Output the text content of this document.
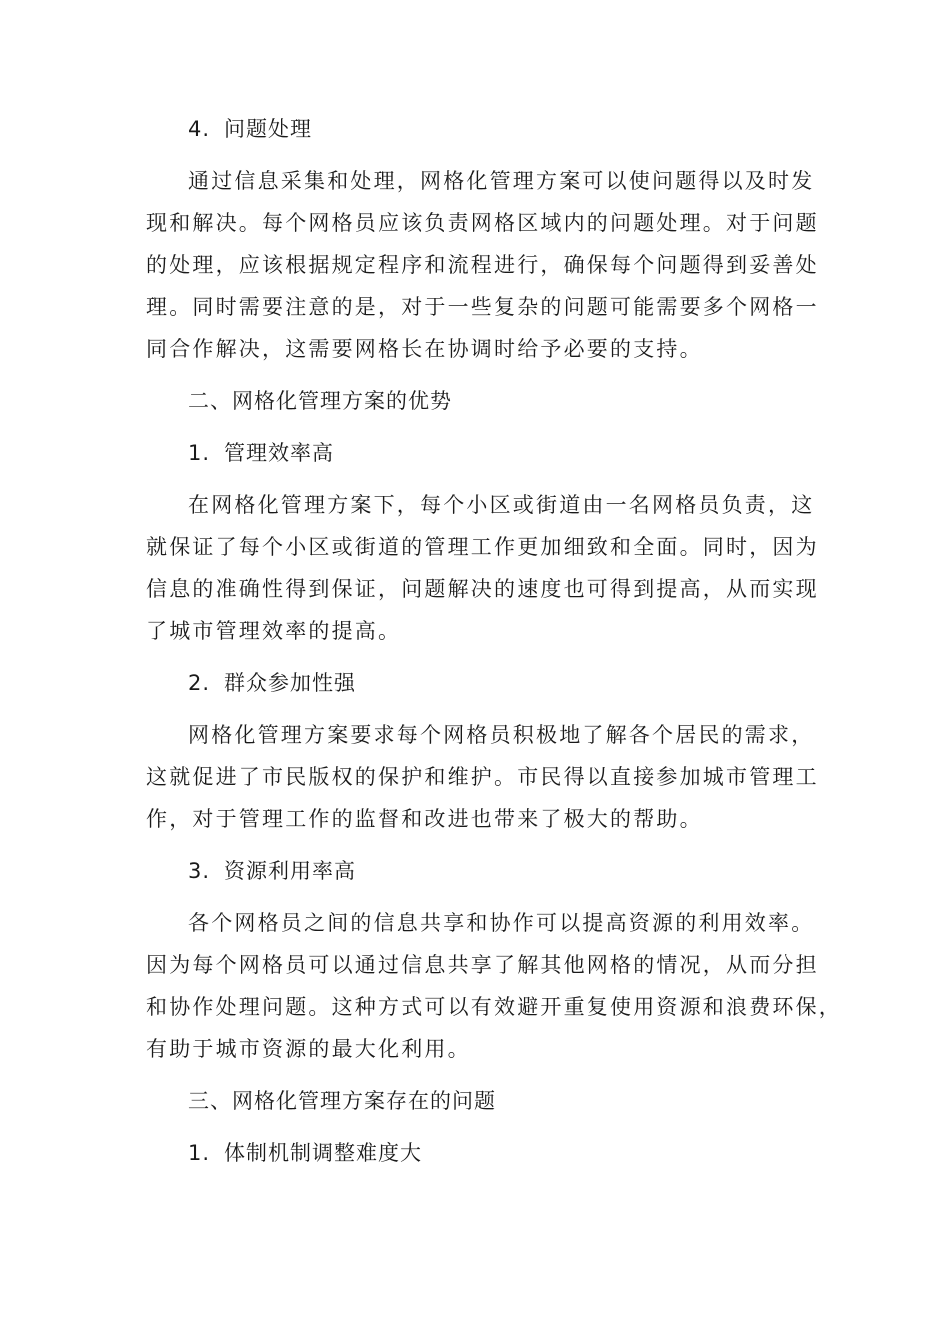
4. 问题处理
通过信息采集和处理，网格化管理方案可以使问题得以及时发
现和解决。每个网格员应该负责网格区域内的问题处理。对于问题
的处理，应该根据规定程序和流程进行，确保每个问题得到妥善处
理。同时需要注意的是，对于一些复杂的问题可能需要多个网格一
同合作解决，这需要网格长在协调时给予必要的支持。
二、网格化管理方案的优势
1. 管理效率高
在网格化管理方案下，每个小区或街道由一名网格员负责，这
就保证了每个小区或街道的管理工作更加细致和全面。同时，因为
信息的准确性得到保证，问题解决的速度也可得到提高，从而实现
了城市管理效率的提高。
2. 群众参加性强
网格化管理方案要求每个网格员积极地了解各个居民的需求，
这就促进了市民版权的保护和维护。市民得以直接参加城市管理工
作，对于管理工作的监督和改进也带来了极大的帮助。
3. 资源利用率高
各个网格员之间的信息共享和协作可以提高资源的利用效率。
因为每个网格员可以通过信息共享了解其他网格的情况，从而分担
和协作处理问题。这种方式可以有效避开重复使用资源和浪费环保，
有助于城市资源的最大化利用。
三、网格化管理方案存在的问题
1. 体制机制调整难度大
